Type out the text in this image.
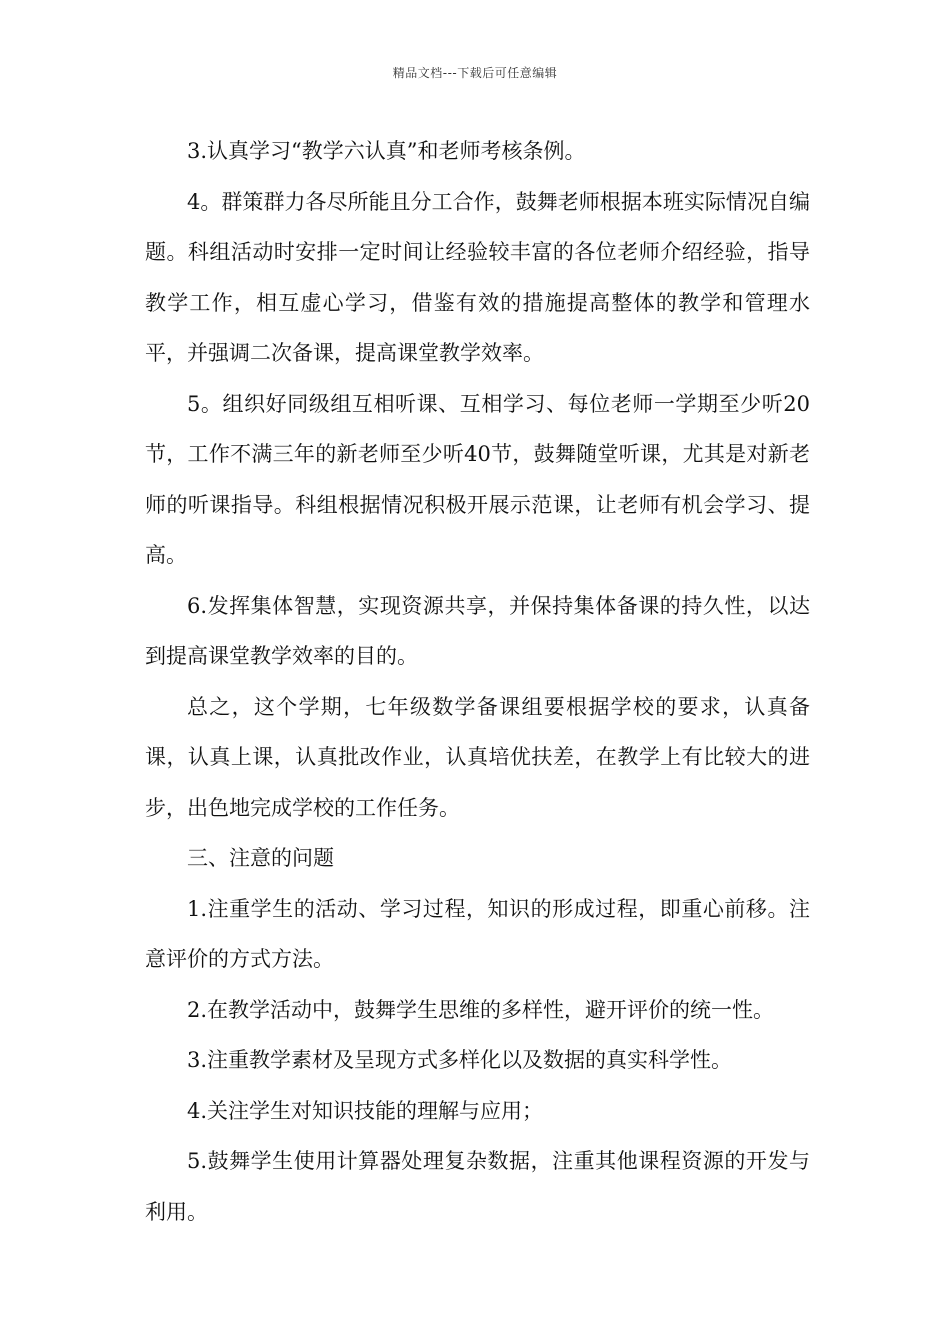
精品文档---下载后可任意编辑

3.认真学习“教学六认真”和老师考核条例。

4。群策群力各尽所能且分工合作，鼓舞老师根据本班实际情况自编题。科组活动时安排一定时间让经验较丰富的各位老师介绍经验，指导教学工作，相互虚心学习，借鉴有效的措施提高整体的教学和管理水平，并强调二次备课，提高课堂教学效率。

5。组织好同级组互相听课、互相学习、每位老师一学期至少听20节，工作不满三年的新老师至少听40节，鼓舞随堂听课，尤其是对新老师的听课指导。科组根据情况积极开展示范课，让老师有机会学习、提高。

6.发挥集体智慧，实现资源共享，并保持集体备课的持久性，以达到提高课堂教学效率的目的。

总之，这个学期，七年级数学备课组要根据学校的要求，认真备课，认真上课，认真批改作业，认真培优扶差，在教学上有比较大的进步，出色地完成学校的工作任务。

三、注意的问题

1.注重学生的活动、学习过程，知识的形成过程，即重心前移。注意评价的方式方法。

2.在教学活动中，鼓舞学生思维的多样性，避开评价的统一性。

3.注重教学素材及呈现方式多样化以及数据的真实科学性。

4.关注学生对知识技能的理解与应用；

5.鼓舞学生使用计算器处理复杂数据，注重其他课程资源的开发与利用。
